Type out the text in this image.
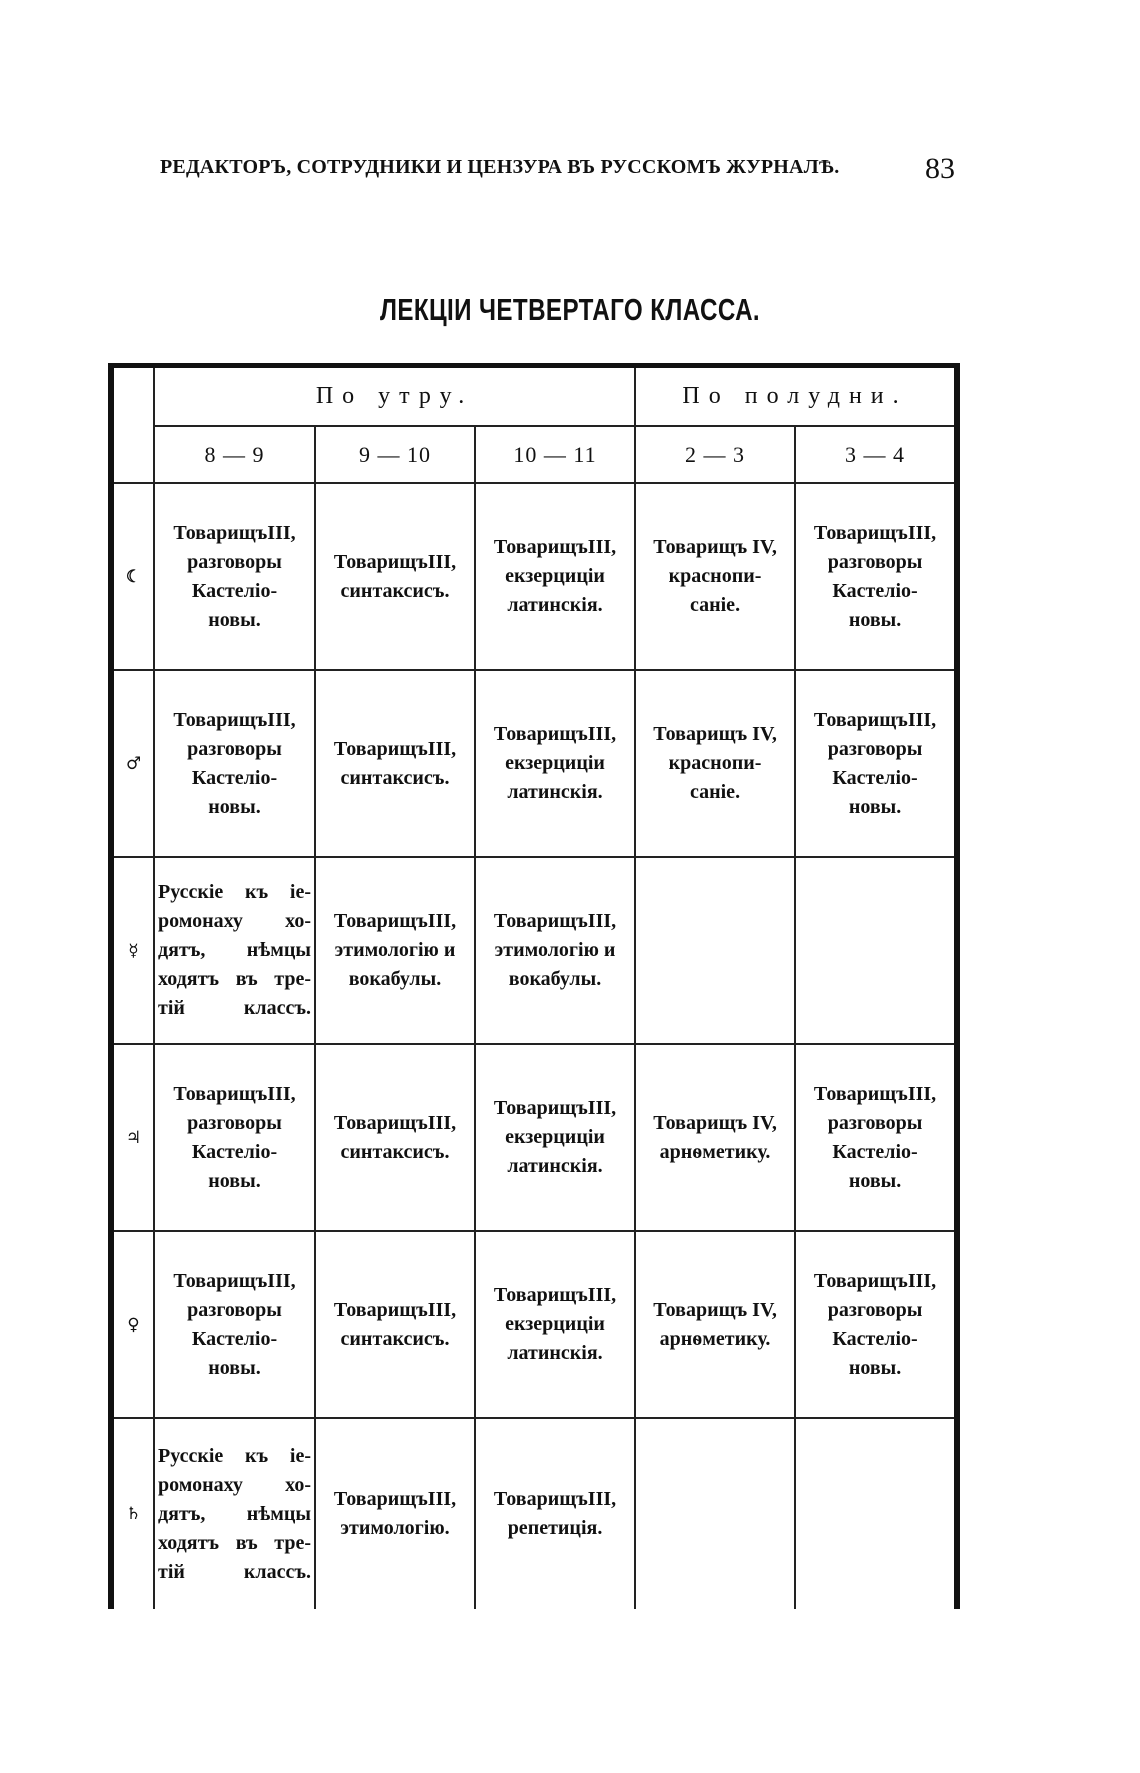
РЕДАКТОРЪ, СОТРУДНИКИ И ЦЕНЗУРА ВЪ РУССКОМЪ ЖУРНАЛѢ.	83
ЛЕКЦІИ ЧЕТВЕРТАГО КЛАССА.
	По утру.			По полудни.	
	8 — 9	9 — 10	10 — 11	2 — 3	3 — 4
☾	ТоварищъIII,
разговоры
Кастеліо-
новы.	ТоварищъIII,
синтаксисъ.	ТоварищъIII,
екзерциціи
латинскія.	Товарищъ IV,
краснопи-
саніе.	ТоварищъIII,
разговоры
Кастеліо-
новы.

♂	ТоварищъIII,
разговоры
Кастеліо-
новы.	ТоварищъIII,
синтаксисъ.	ТоварищъIII,
екзерциціи
латинскія.	Товарищъ IV,
краснопи-
саніе.	ТоварищъIII,
разговоры
Кастеліо-
новы.

☿	Русскіе къ іе-
ромонаху хо-
дятъ, нѣмцы
ходятъ въ тре-
тій классъ.	ТоварищъIII,
этимологію и
вокабулы.	ТоварищъIII,
этимологію и
вокабулы.		

♃	ТоварищъIII,
разговоры
Кастеліо-
новы.	ТоварищъIII,
синтаксисъ.	ТоварищъIII,
екзерциціи
латинскія.	Товарищъ IV,
арнѳметику.	ТоварищъIII,
разговоры
Кастеліо-
новы.

♀	ТоварищъIII,
разговоры
Кастеліо-
новы.	ТоварищъIII,
синтаксисъ.	ТоварищъIII,
екзерциціи
латинскія.	Товарищъ IV,
арнѳметику.	ТоварищъIII,
разговоры
Кастеліо-
новы.

♄	Русскіе къ іе-
ромонаху хо-
дятъ, нѣмцы
ходятъ въ тре-
тій классъ.	ТоварищъIII,
этимологію.	ТоварищъIII,
репетиція.		
